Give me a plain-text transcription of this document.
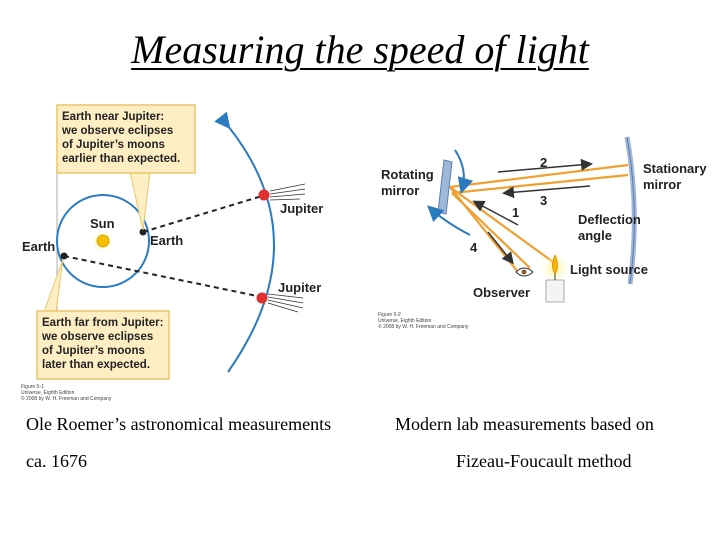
Measuring the speed of light
Earth near Jupiter:
we observe eclipses
of Jupiter’s moons
earlier than expected.
Earth far from Jupiter:
we observe eclipses
of Jupiter’s moons
later than expected.
Sun
Earth	Earth
Jupiter
Jupiter
Figure 5-1
Universe, Eighth Edition
© 2008 by W. H. Freeman and Company
2
3
1
4
Rotating
mirror
Stationary
mirror
Deflection
angle
Light source
Observer
Figure 5-2
Universe, Eighth Edition
© 2008 by W. H. Freeman and Company
Ole Roemer’s astronomical measurements
ca. 1676
Modern lab measurements based on
Fizeau-Foucault method
